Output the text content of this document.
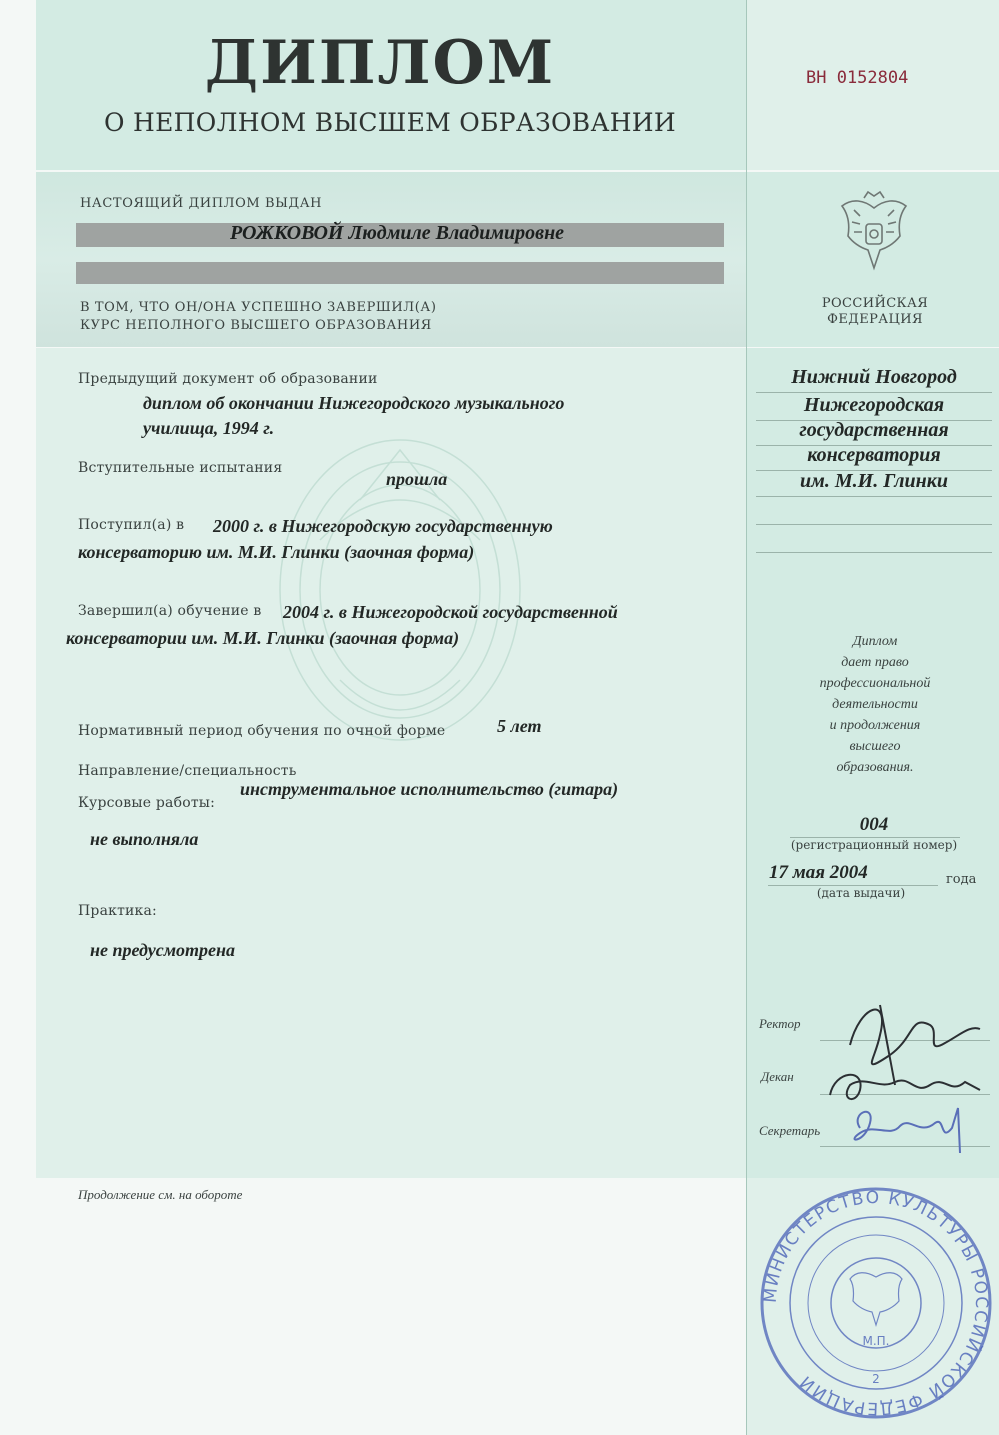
ДИПЛОМ
О НЕПОЛНОМ ВЫСШЕМ ОБРАЗОВАНИИ
ВН 0152804
НАСТОЯЩИЙ ДИПЛОМ ВЫДАН
РОЖКОВОЙ Людмиле Владимировне
В ТОМ, ЧТО ОН/ОНА УСПЕШНО ЗАВЕРШИЛ(А)
КУРС НЕПОЛНОГО ВЫСШЕГО ОБРАЗОВАНИЯ
РОССИЙСКАЯ
ФЕДЕРАЦИЯ
Предыдущий документ об образовании
диплом об окончании Нижегородского музыкального
училища, 1994 г.
Вступительные испытания
прошла
Поступил(а) в 2000 г. в Нижегородскую государственную
консерваторию им. М.И. Глинки (заочная форма)
Завершил(а) обучение в 2004 г. в Нижегородской государственной
консерватории им. М.И. Глинки (заочная форма)
Нормативный период обучения по очной форме	5 лет
Направление/специальность
инструментальное исполнительство (гитара)
Курсовые работы:
не выполняла
Практика:
не предусмотрена
Продолжение см. на обороте
Нижний Новгород
Нижегородская
государственная
консерватория
им. М.И. Глинки
Диплом
дает право
профессиональной
деятельности
и продолжения
высшего
образования.
004
(регистрационный номер)
17 мая 2004	года
(дата выдачи)
Ректор
Декан
Секретарь
МИНИСТЕРСТВО КУЛЬТУРЫ РОССИЙСКОЙ ФЕДЕРАЦИИ
М.П.
2
